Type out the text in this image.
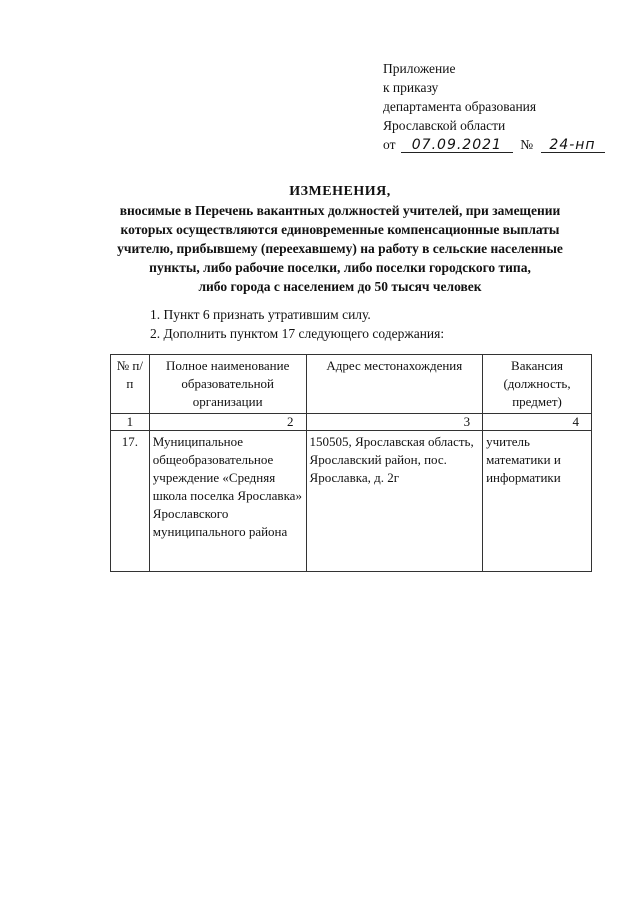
Приложение
к приказу
департамента образования
Ярославской области
от 07.09.2021 № 24-нп
ИЗМЕНЕНИЯ,
вносимые в Перечень вакантных должностей учителей, при замещении
которых осуществляются единовременные компенсационные выплаты
учителю, прибывшему (переехавшему) на работу в сельские населенные
пункты, либо рабочие поселки, либо поселки городского типа,
либо города с населением до 50 тысяч человек
1. Пункт 6 признать утратившим силу.
2. Дополнить пунктом 17 следующего содержания:
№ п/п	Полное наименование образовательной организации	Адрес местонахождения	Вакансия (должность, предмет)
1	2	3	4
17.	Муниципальное общеобразовательное учреждение «Средняя школа поселка Ярославка» Ярославского муниципального района	150505, Ярославская область, Ярославский район, пос. Ярославка, д. 2г	учитель математики и информатики
